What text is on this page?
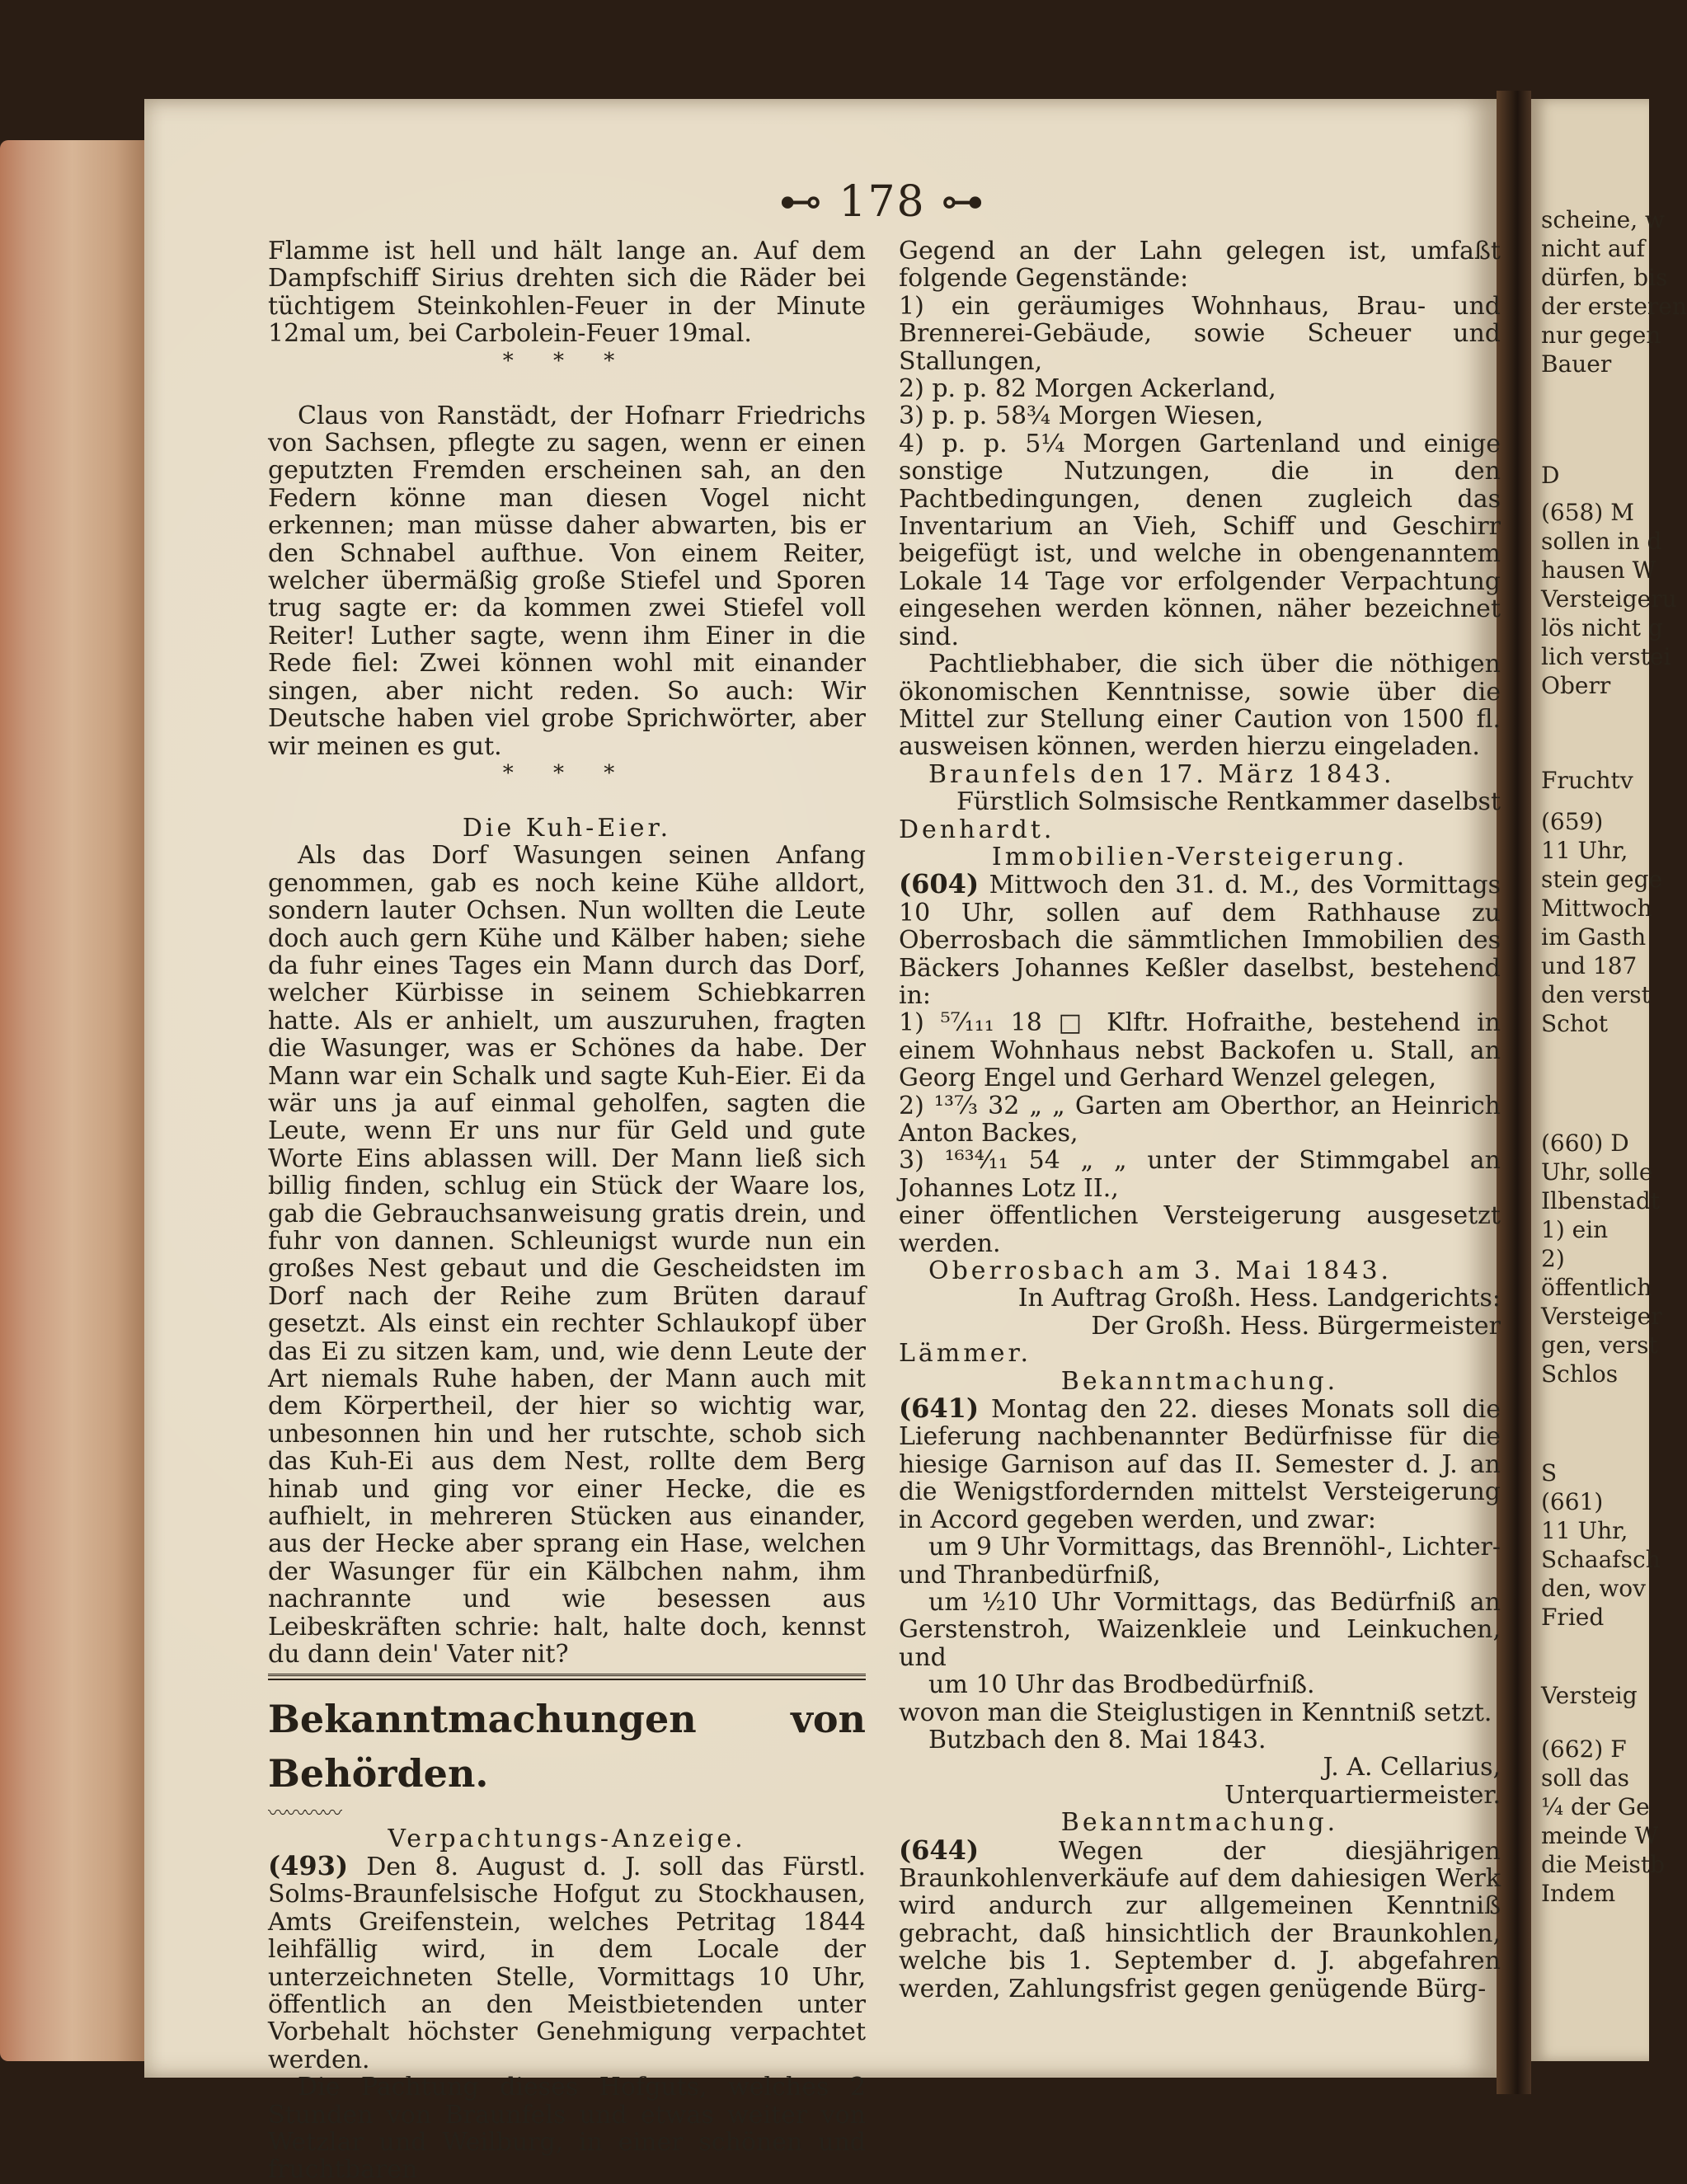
⊷ 178 ⊶

Flamme ist hell und hält lange an. Auf dem Dampfschiff Sirius drehten sich die Räder bei tüchtigem Steinkohlen-Feuer in der Minute 12mal um, bei Carbolein-Feuer 19mal.

* * *

Claus von Ranstädt, der Hofnarr Friedrichs von Sachsen, pflegte zu sagen, wenn er einen geputzten Fremden erscheinen sah, an den Federn könne man diesen Vogel nicht erkennen; man müsse daher abwarten, bis er den Schnabel aufthue. Von einem Reiter, welcher übermäßig große Stiefel und Sporen trug sagte er: da kommen zwei Stiefel voll Reiter! Luther sagte, wenn ihm Einer in die Rede fiel: Zwei können wohl mit einander singen, aber nicht reden. So auch: Wir Deutsche haben viel grobe Sprichwörter, aber wir meinen es gut.

* * *

Die Kuh-Eier.

Als das Dorf Wasungen seinen Anfang genommen, gab es noch keine Kühe alldort, sondern lauter Ochsen. Nun wollten die Leute doch auch gern Kühe und Kälber haben; siehe da fuhr eines Tages ein Mann durch das Dorf, welcher Kürbisse in seinem Schiebkarren hatte. Als er anhielt, um auszuruhen, fragten die Wasunger, was er Schönes da habe. Der Mann war ein Schalk und sagte Kuh-Eier. Ei da wär uns ja auf einmal geholfen, sagten die Leute, wenn Er uns nur für Geld und gute Worte Eins ablassen will. Der Mann ließ sich billig finden, schlug ein Stück der Waare los, gab die Gebrauchsanweisung gratis drein, und fuhr von dannen. Schleunigst wurde nun ein großes Nest gebaut und die Gescheidsten im Dorf nach der Reihe zum Brüten darauf gesetzt. Als einst ein rechter Schlaukopf über das Ei zu sitzen kam, und, wie denn Leute der Art niemals Ruhe haben, der Mann auch mit dem Körpertheil, der hier so wichtig war, unbesonnen hin und her rutschte, schob sich das Kuh-Ei aus dem Nest, rollte dem Berg hinab und ging vor einer Hecke, die es aufhielt, in mehreren Stücken aus einander, aus der Hecke aber sprang ein Hase, welchen der Wasunger für ein Kälbchen nahm, ihm nachrannte und wie besessen aus Leibeskräften schrie: halt, halte doch, kennst du dann dein' Vater nit?

Bekanntmachungen von Behörden.

〰〰〰〰

Verpachtungs-Anzeige.

(493) Den 8. August d. J. soll das Fürstl. Solms-Braunfelsische Hofgut zu Stockhausen, Amts Greifenstein, welches Petritag 1844 leihfällig wird, in dem Locale der unterzeichneten Stelle, Vormittags 10 Uhr, öffentlich an den Meistbietenden unter Vorbehalt höchster Genehmigung verpachtet werden.

Die Pachtung dieses Hofguts, welches 2 Stunden von Braunfels und etwas weiter von Wetzlar und Weilburg, in einer schönen und fruchtbaren

Gegend an der Lahn gelegen ist, umfaßt folgende Gegenstände:

1) ein geräumiges Wohnhaus, Brau- und Brennerei-Gebäude, sowie Scheuer und Stallungen,

2) p. p. 82 Morgen Ackerland,

3) p. p. 58¾ Morgen Wiesen,

4) p. p. 5¼ Morgen Gartenland und einige sonstige Nutzungen, die in den Pachtbedingungen, denen zugleich das Inventarium an Vieh, Schiff und Geschirr beigefügt ist, und welche in obengenanntem Lokale 14 Tage vor erfolgender Verpachtung eingesehen werden können, näher bezeichnet sind.

Pachtliebhaber, die sich über die nöthigen ökonomischen Kenntnisse, sowie über die Mittel zur Stellung einer Caution von 1500 fl. ausweisen können, werden hierzu eingeladen.

Braunfels den 17. März 1843.

Fürstlich Solmsische Rentkammer daselbst

Denhardt.

Immobilien-Versteigerung.

(604) Mittwoch den 31. d. M., des Vormittags 10 Uhr, sollen auf dem Rathhause zu Oberrosbach die sämmtlichen Immobilien des Bäckers Johannes Keßler daselbst, bestehend in:

1) ⁵⁷⁄₁₁₁ 18 □ Klftr. Hofraithe, bestehend in einem Wohnhaus nebst Backofen u. Stall, an Georg Engel und Gerhard Wenzel gelegen,

2) ¹³⁷⁄₃ 32 „ „ Garten am Oberthor, an Heinrich Anton Backes,

3) ¹⁶³⁴⁄₁₁ 54 „ „ unter der Stimmgabel an Johannes Lotz II.,

einer öffentlichen Versteigerung ausgesetzt werden.

Oberrosbach am 3. Mai 1843.

In Auftrag Großh. Hess. Landgerichts:

Der Großh. Hess. Bürgermeister

Lämmer.

Bekanntmachung.

(641) Montag den 22. dieses Monats soll die Lieferung nachbenannter Bedürfnisse für die hiesige Garnison auf das II. Semester d. J. an die Wenigstfordernden mittelst Versteigerung in Accord gegeben werden, und zwar:

um 9 Uhr Vormittags, das Brennöhl-, Lichter- und Thranbedürfniß,

um ½10 Uhr Vormittags, das Bedürfniß an Gerstenstroh, Waizenkleie und Leinkuchen, und

um 10 Uhr das Brodbedürfniß.

wovon man die Steiglustigen in Kenntniß setzt.

Butzbach den 8. Mai 1843.

J. A. Cellarius,

Unterquartiermeister.

Bekanntmachung.

(644)	Wegen der diesjährigen Braunkohlenverkäufe auf dem dahiesigen Werk wird andurch zur allgemeinen Kenntniß gebracht, daß hinsichtlich der Braunkohlen, welche bis 1. September d. J. abgefahren werden, Zahlungsfrist gegen genügende Bürg-

scheine, w
nicht auf
dürfen, bis
der ersteren
nur gegen
Bauer
D
(658) M
sollen in d
hausen W
Versteigeru
lös nicht g
lich verstei
Oberr
Fruchtv
(659)
11 Uhr,
stein gege
Mittwoch
im Gasth
und 187
den verst
Schot
(660) D
Uhr, solle
Ilbenstadt
1) ein
2)
öffentlich
Versteiger
gen, verst
Schlos
S
(661)
11 Uhr,
Schaafsch
den, wov
Fried
Versteig
(662) F
soll das
¼ der Ge
meinde W
die Meistb
Indem
